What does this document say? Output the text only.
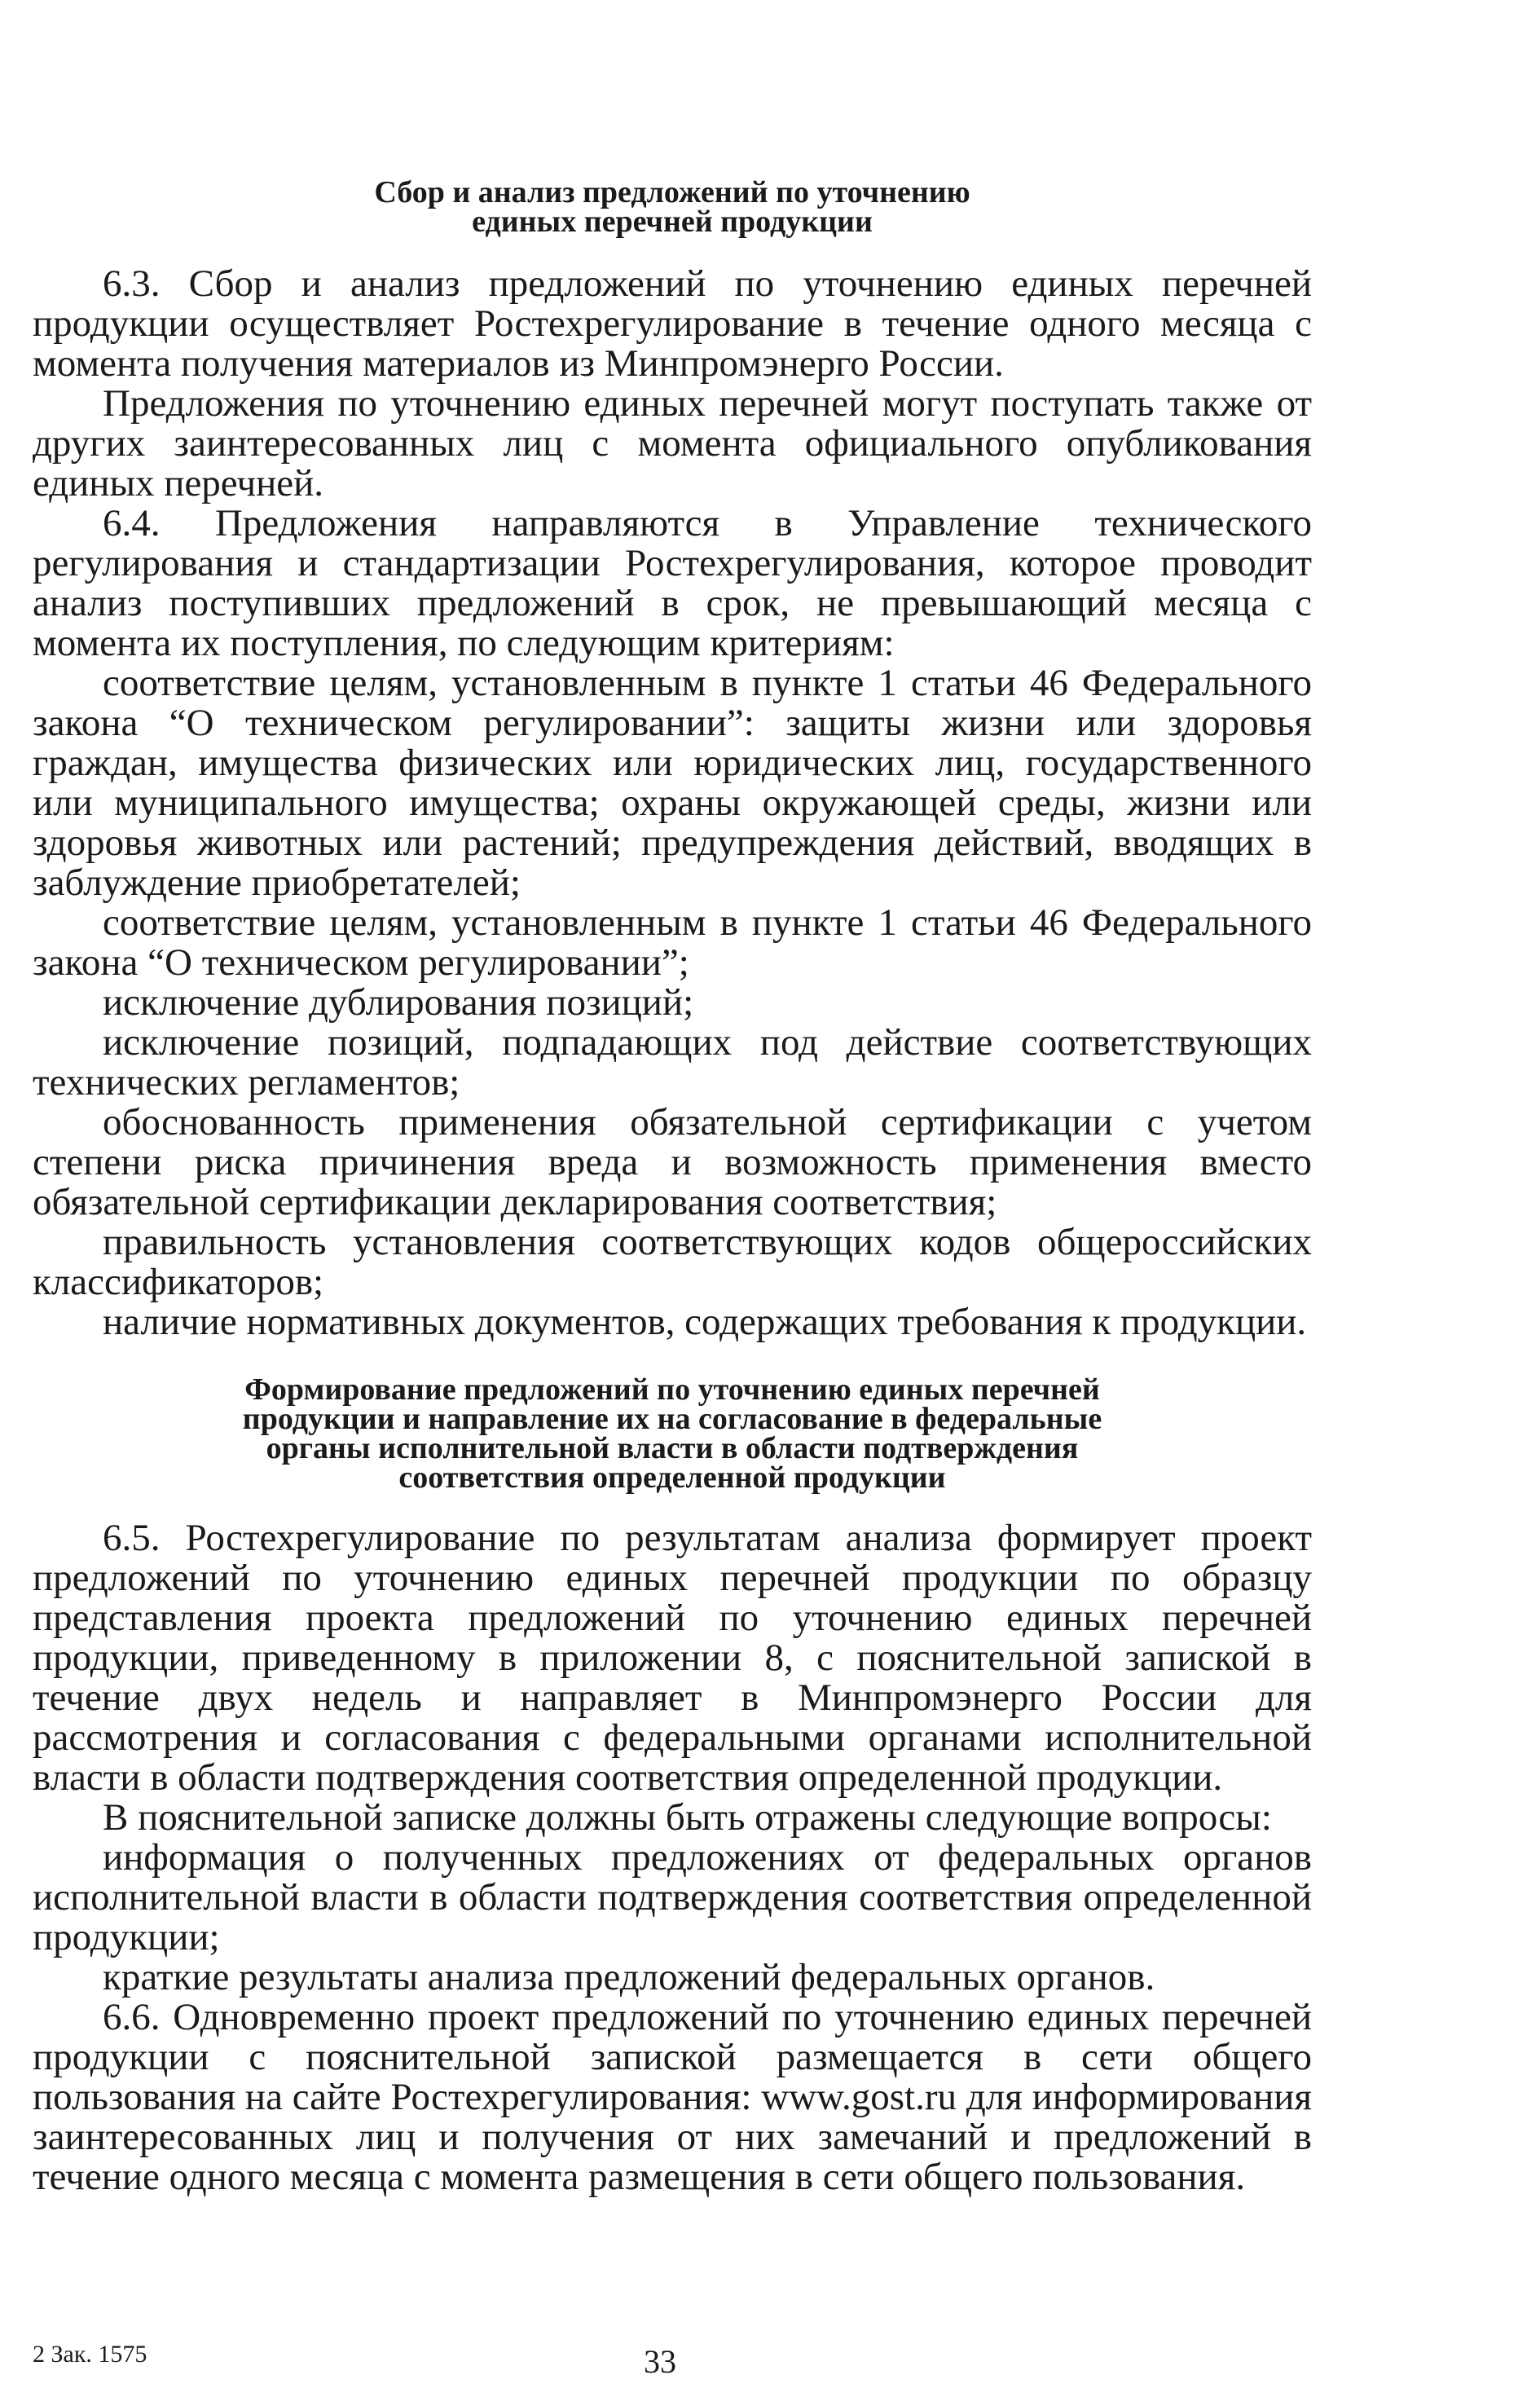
Сбор и анализ предложений по уточнению
единых перечней продукции

6.3. Сбор и анализ предложений по уточнению единых перечней продукции осуществляет Ростехрегулирование в течение одного месяца с момента получения материалов из Минпромэнерго России.

Предложения по уточнению единых перечней могут поступать также от других заинтересованных лиц с момента официального опубликования единых перечней.

6.4. Предложения направляются в Управление технического регулирования и стандартизации Ростехрегулирования, которое проводит анализ поступивших предложений в срок, не превышающий месяца с момента их поступления, по следующим критериям:

соответствие целям, установленным в пункте 1 статьи 46 Федерального закона “О техническом регулировании”: защиты жизни или здоровья граждан, имущества физических или юридических лиц, государственного или муниципального имущества; охраны окружающей среды, жизни или здоровья животных или растений; предупреждения действий, вводящих в заблуждение приобретателей;

соответствие целям, установленным в пункте 1 статьи 46 Федерального закона “О техническом регулировании”;

исключение дублирования позиций;

исключение позиций, подпадающих под действие соответствующих технических регламентов;

обоснованность применения обязательной сертификации с учетом степени риска причинения вреда и возможность применения вместо обязательной сертификации декларирования соответствия;

правильность установления соответствующих кодов общероссийских классификаторов;

наличие нормативных документов, содержащих требования к продукции.

Формирование предложений по уточнению единых перечней
продукции и направление их на согласование в федеральные
органы исполнительной власти в области подтверждения
соответствия определенной продукции

6.5. Ростехрегулирование по результатам анализа формирует проект предложений по уточнению единых перечней продукции по образцу представления проекта предложений по уточнению единых перечней продукции, приведенному в приложении 8, с пояснительной запиской в течение двух недель и направляет в Минпромэнерго России для рассмотрения и согласования с федеральными органами исполнительной власти в области подтверждения соответствия определенной продукции.

В пояснительной записке должны быть отражены следующие вопросы:

информация о полученных предложениях от федеральных органов исполнительной власти в области подтверждения соответствия определенной продукции;

краткие результаты анализа предложений федеральных органов.

6.6. Одновременно проект предложений по уточнению единых перечней продукции с пояснительной запиской размещается в сети общего пользования на сайте Ростехрегулирования: www.gost.ru для информирования заинтересованных лиц и получения от них замечаний и предложений в течение одного месяца с момента размещения в сети общего пользования.

2 Зак. 1575	33
